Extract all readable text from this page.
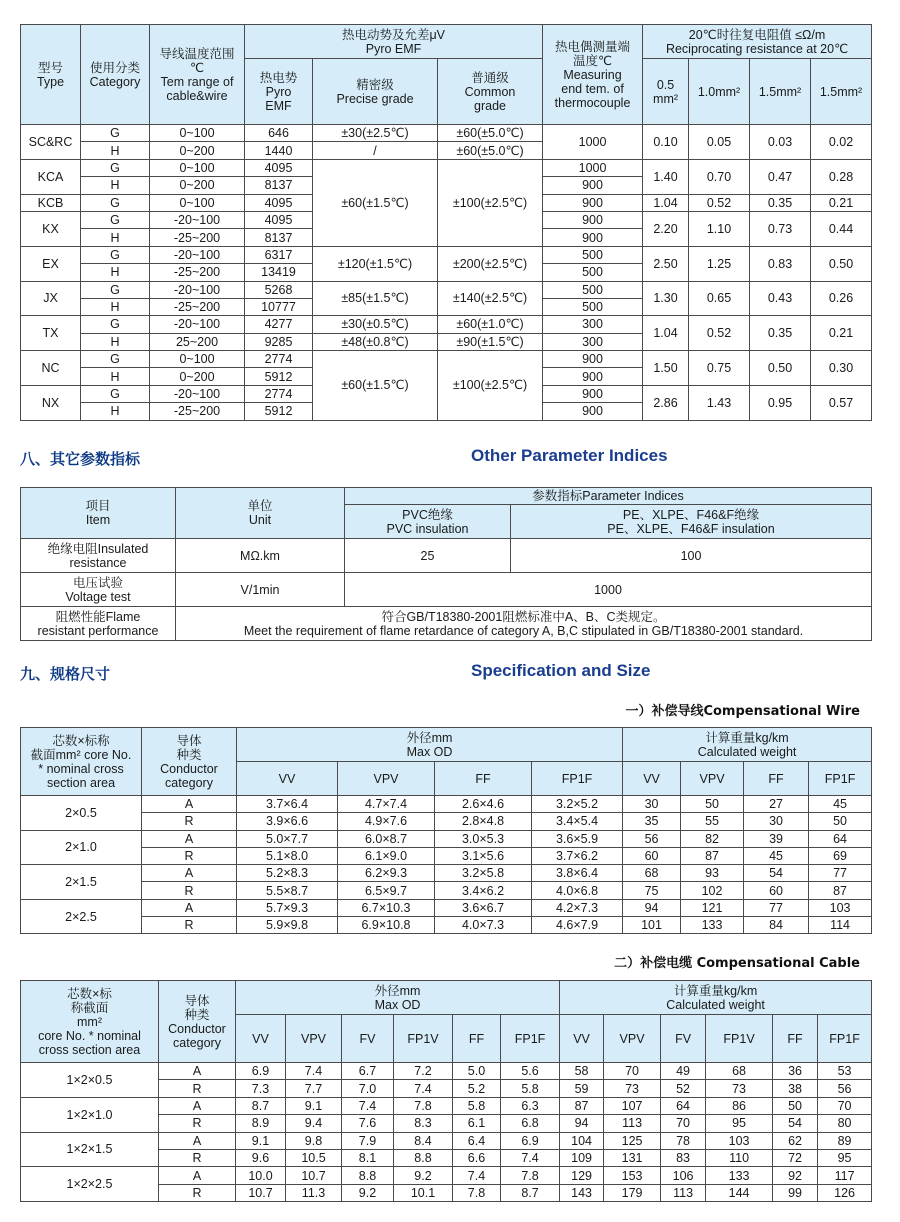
型号
Type	使用分类
Category	导线温度范围
℃
Tem range of
cable&wire	热电动势及允差μV
Pyro EMF			热电偶测量端
温度℃
Measuring
end tem. of
thermocouple	20℃时往复电阻值 ≤Ω/m
Reciprocating resistance at 20℃			

			热电势
Pyro
EMF	精密级
Precise grade	普通级
Common
grade		0.5
mm²	1.0mm²	1.5mm²	1.5mm²

SC&RC	G	0~100	646	±30(±2.5℃)	±60(±5.0℃)	1000	0.10	0.05	0.03	0.02
	H	0~200	1440	/	±60(±5.0℃)					
KCA	G	0~100	4095	±60(±1.5℃)	±100(±2.5℃)	1000	1.40	0.70	0.47	0.28
	H	0~200	8137			900				
KCB	G	0~100	4095			900	1.04	0.52	0.35	0.21
KX	G	-20~100	4095			900	2.20	1.10	0.73	0.44
	H	-25~200	8137			900				
EX	G	-20~100	6317	±120(±1.5℃)	±200(±2.5℃)	500	2.50	1.25	0.83	0.50
	H	-25~200	13419			500				
JX	G	-20~100	5268	±85(±1.5℃)	±140(±2.5℃)	500	1.30	0.65	0.43	0.26
	H	-25~200	10777			500				
TX	G	-20~100	4277	±30(±0.5℃)	±60(±1.0℃)	300	1.04	0.52	0.35	0.21
	H	25~200	9285	±48(±0.8℃)	±90(±1.5℃)	300				
NC	G	0~100	2774	±60(±1.5℃)	±100(±2.5℃)	900	1.50	0.75	0.50	0.30
	H	0~200	5912			900				
NX	G	-20~100	2774			900	2.86	1.43	0.95	0.57
	H	-25~200	5912			900				
八、其它参数指标	Other Parameter Indices
项目
Item	单位
Unit	参数指标Parameter Indices	

		PVC绝缘
PVC insulation	PE、XLPE、F46&F绝缘
PE、XLPE、F46&F insulation

绝缘电阻Insulated
resistance	MΩ.km	25	100

电压试验
Voltage test	V/1min	1000	

阻燃性能Flame
resistant performance	符合GB/T18380-2001阻燃标准中A、B、C类规定。
Meet the requirement of flame retardance of category A, B,C stipulated in GB/T18380-2001 standard.		
九、规格尺寸	Specification and Size
一）补偿导线Compensational Wire
芯数×标称
截面mm² core No.
* nominal cross
section area	导体
种类
Conductor
category	外径mm
Max OD				计算重量kg/km
Calculated weight			

		VV	VPV	FF	FP1F	VV	VPV	FF	FP1F
2×0.5	A	3.7×6.4	4.7×7.4	2.6×4.6	3.2×5.2	30	50	27	45
	R	3.9×6.6	4.9×7.6	2.8×4.8	3.4×5.4	35	55	30	50
2×1.0	A	5.0×7.7	6.0×8.7	3.0×5.3	3.6×5.9	56	82	39	64
	R	5.1×8.0	6.1×9.0	3.1×5.6	3.7×6.2	60	87	45	69
2×1.5	A	5.2×8.3	6.2×9.3	3.2×5.8	3.8×6.4	68	93	54	77
	R	5.5×8.7	6.5×9.7	3.4×6.2	4.0×6.8	75	102	60	87
2×2.5	A	5.7×9.3	6.7×10.3	3.6×6.7	4.2×7.3	94	121	77	103
	R	5.9×9.8	6.9×10.8	4.0×7.3	4.6×7.9	101	133	84	114
二）补偿电缆 Compensational Cable
芯数×标
称截面
mm²
core No. * nominal
cross section area	导体
种类
Conductor
category	外径mm
Max OD						计算重量kg/km
Calculated weight					

		VV	VPV	FV	FP1V	FF	FP1F	VV	VPV	FV	FP1V	FF	FP1F
1×2×0.5	A	6.9	7.4	6.7	7.2	5.0	5.6	58	70	49	68	36	53
	R	7.3	7.7	7.0	7.4	5.2	5.8	59	73	52	73	38	56
1×2×1.0	A	8.7	9.1	7.4	7.8	5.8	6.3	87	107	64	86	50	70
	R	8.9	9.4	7.6	8.3	6.1	6.8	94	113	70	95	54	80
1×2×1.5	A	9.1	9.8	7.9	8.4	6.4	6.9	104	125	78	103	62	89
	R	9.6	10.5	8.1	8.8	6.6	7.4	109	131	83	110	72	95
1×2×2.5	A	10.0	10.7	8.8	9.2	7.4	7.8	129	153	106	133	92	117
	R	10.7	11.3	9.2	10.1	7.8	8.7	143	179	113	144	99	126
